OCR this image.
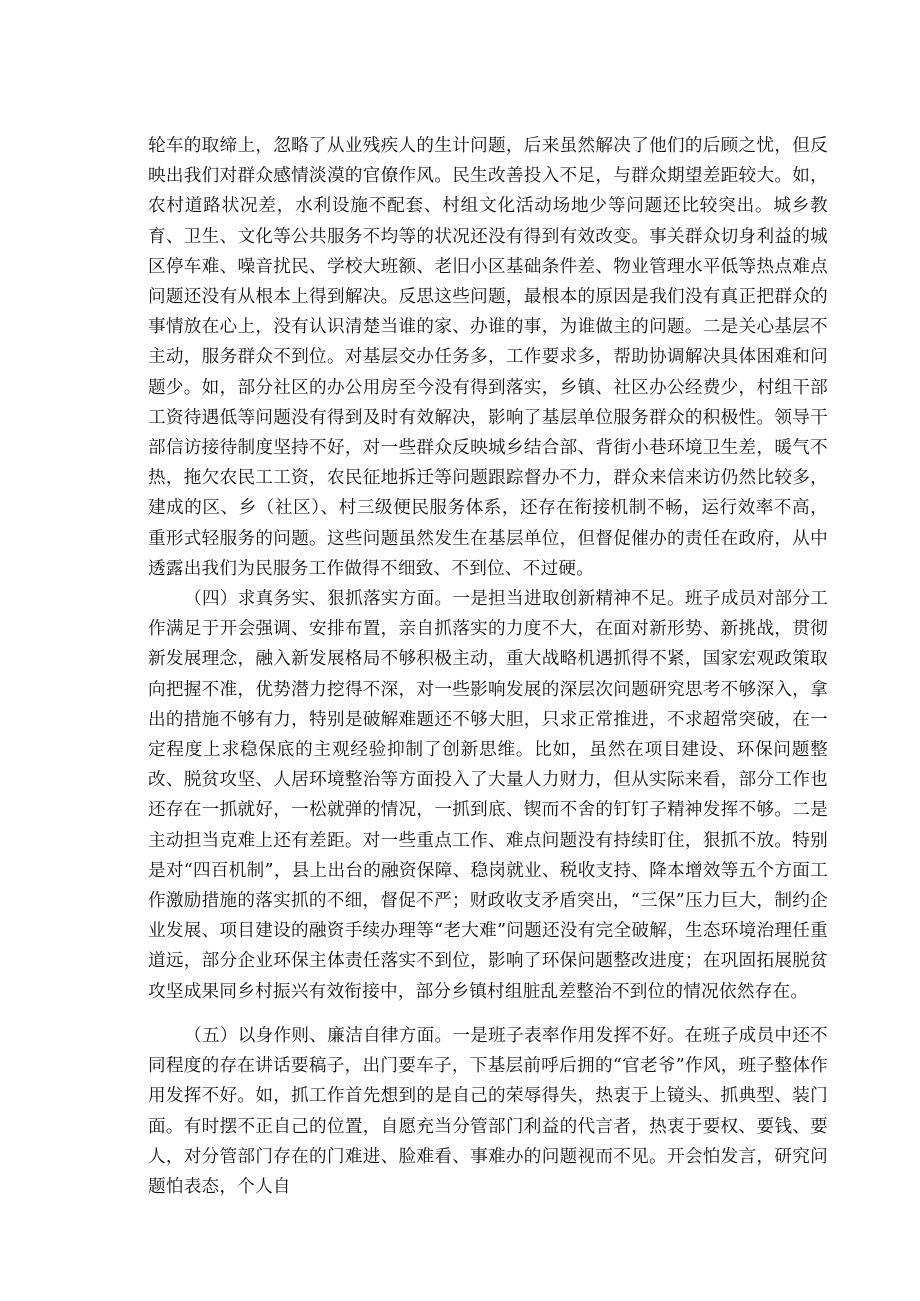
轮车的取缔上，忽略了从业残疾人的生计问题，后来虽然解决了他们的后顾之忧，但反映出我们对群众感情淡漠的官僚作风。民生改善投入不足，与群众期望差距较大。如，农村道路状况差，水利设施不配套、村组文化活动场地少等问题还比较突出。城乡教育、卫生、文化等公共服务不均等的状况还没有得到有效改变。事关群众切身利益的城区停车难、噪音扰民、学校大班额、老旧小区基础条件差、物业管理水平低等热点难点问题还没有从根本上得到解决。反思这些问题，最根本的原因是我们没有真正把群众的事情放在心上，没有认识清楚当谁的家、办谁的事，为谁做主的问题。二是关心基层不主动，服务群众不到位。对基层交办任务多，工作要求多，帮助协调解决具体困难和问题少。如，部分社区的办公用房至今没有得到落实，乡镇、社区办公经费少，村组干部工资待遇低等问题没有得到及时有效解决，影响了基层单位服务群众的积极性。领导干部信访接待制度坚持不好，对一些群众反映城乡结合部、背街小巷环境卫生差，暖气不热，拖欠农民工工资，农民征地拆迁等问题跟踪督办不力，群众来信来访仍然比较多，建成的区、乡（社区）、村三级便民服务体系，还存在衔接机制不畅，运行效率不高，重形式轻服务的问题。这些问题虽然发生在基层单位，但督促催办的责任在政府，从中透露出我们为民服务工作做得不细致、不到位、不过硬。

（四）求真务实、狠抓落实方面。一是担当进取创新精神不足。班子成员对部分工作满足于开会强调、安排布置，亲自抓落实的力度不大，在面对新形势、新挑战，贯彻新发展理念，融入新发展格局不够积极主动，重大战略机遇抓得不紧，国家宏观政策取向把握不准，优势潜力挖得不深，对一些影响发展的深层次问题研究思考不够深入，拿出的措施不够有力，特别是破解难题还不够大胆，只求正常推进，不求超常突破，在一定程度上求稳保底的主观经验抑制了创新思维。比如，虽然在项目建设、环保问题整改、脱贫攻坚、人居环境整治等方面投入了大量人力财力，但从实际来看，部分工作也还存在一抓就好，一松就弹的情况，一抓到底、锲而不舍的钉钉子精神发挥不够。二是主动担当克难上还有差距。对一些重点工作、难点问题没有持续盯住，狠抓不放。特别是对“四百机制”，县上出台的融资保障、稳岗就业、税收支持、降本增效等五个方面工作激励措施的落实抓的不细，督促不严；财政收支矛盾突出，“三保”压力巨大，制约企业发展、项目建设的融资手续办理等“老大难”问题还没有完全破解，生态环境治理任重道远，部分企业环保主体责任落实不到位，影响了环保问题整改进度；在巩固拓展脱贫攻坚成果同乡村振兴有效衔接中，部分乡镇村组脏乱差整治不到位的情况依然存在。

（五）以身作则、廉洁自律方面。一是班子表率作用发挥不好。在班子成员中还不同程度的存在讲话要稿子，出门要车子，下基层前呼后拥的“官老爷”作风，班子整体作用发挥不好。如，抓工作首先想到的是自己的荣辱得失，热衷于上镜头、抓典型、装门面。有时摆不正自己的位置，自愿充当分管部门利益的代言者，热衷于要权、要钱、要人，对分管部门存在的门难进、脸难看、事难办的问题视而不见。开会怕发言，研究问题怕表态，个人自
